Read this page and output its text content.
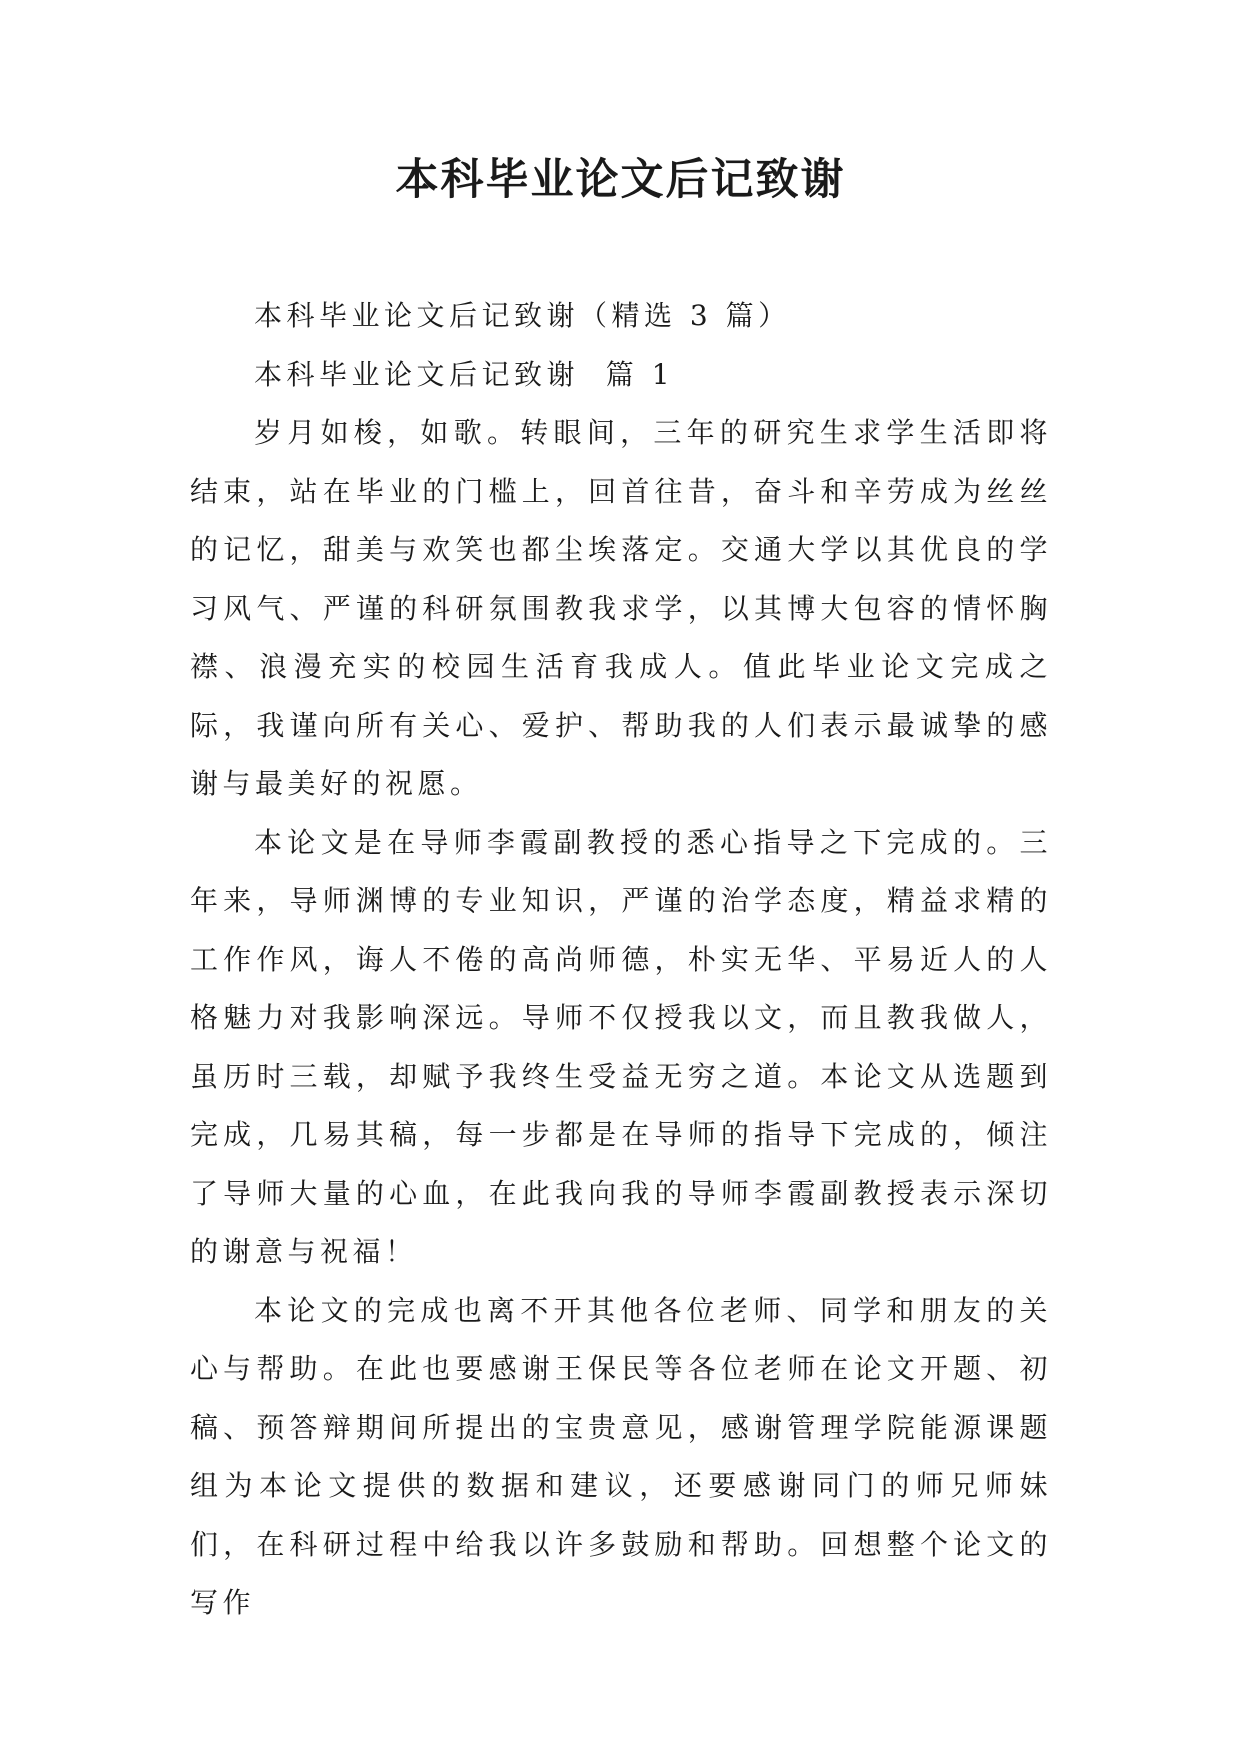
本科毕业论文后记致谢

本科毕业论文后记致谢（精选 3 篇）

本科毕业论文后记致谢  篇 1

岁月如梭，如歌。转眼间，三年的研究生求学生活即将结束，站在毕业的门槛上，回首往昔，奋斗和辛劳成为丝丝的记忆，甜美与欢笑也都尘埃落定。交通大学以其优良的学习风气、严谨的科研氛围教我求学，以其博大包容的情怀胸襟、浪漫充实的校园生活育我成人。值此毕业论文完成之际，我谨向所有关心、爱护、帮助我的人们表示最诚挚的感谢与最美好的祝愿。

本论文是在导师李霞副教授的悉心指导之下完成的。三年来，导师渊博的专业知识，严谨的治学态度，精益求精的工作作风，诲人不倦的高尚师德，朴实无华、平易近人的人格魅力对我影响深远。导师不仅授我以文，而且教我做人，虽历时三载，却赋予我终生受益无穷之道。本论文从选题到完成，几易其稿，每一步都是在导师的指导下完成的，倾注了导师大量的心血，在此我向我的导师李霞副教授表示深切的谢意与祝福！

本论文的完成也离不开其他各位老师、同学和朋友的关心与帮助。在此也要感谢王保民等各位老师在论文开题、初稿、预答辩期间所提出的宝贵意见，感谢管理学院能源课题组为本论文提供的数据和建议，还要感谢同门的师兄师妹们，在科研过程中给我以许多鼓励和帮助。回想整个论文的写作
